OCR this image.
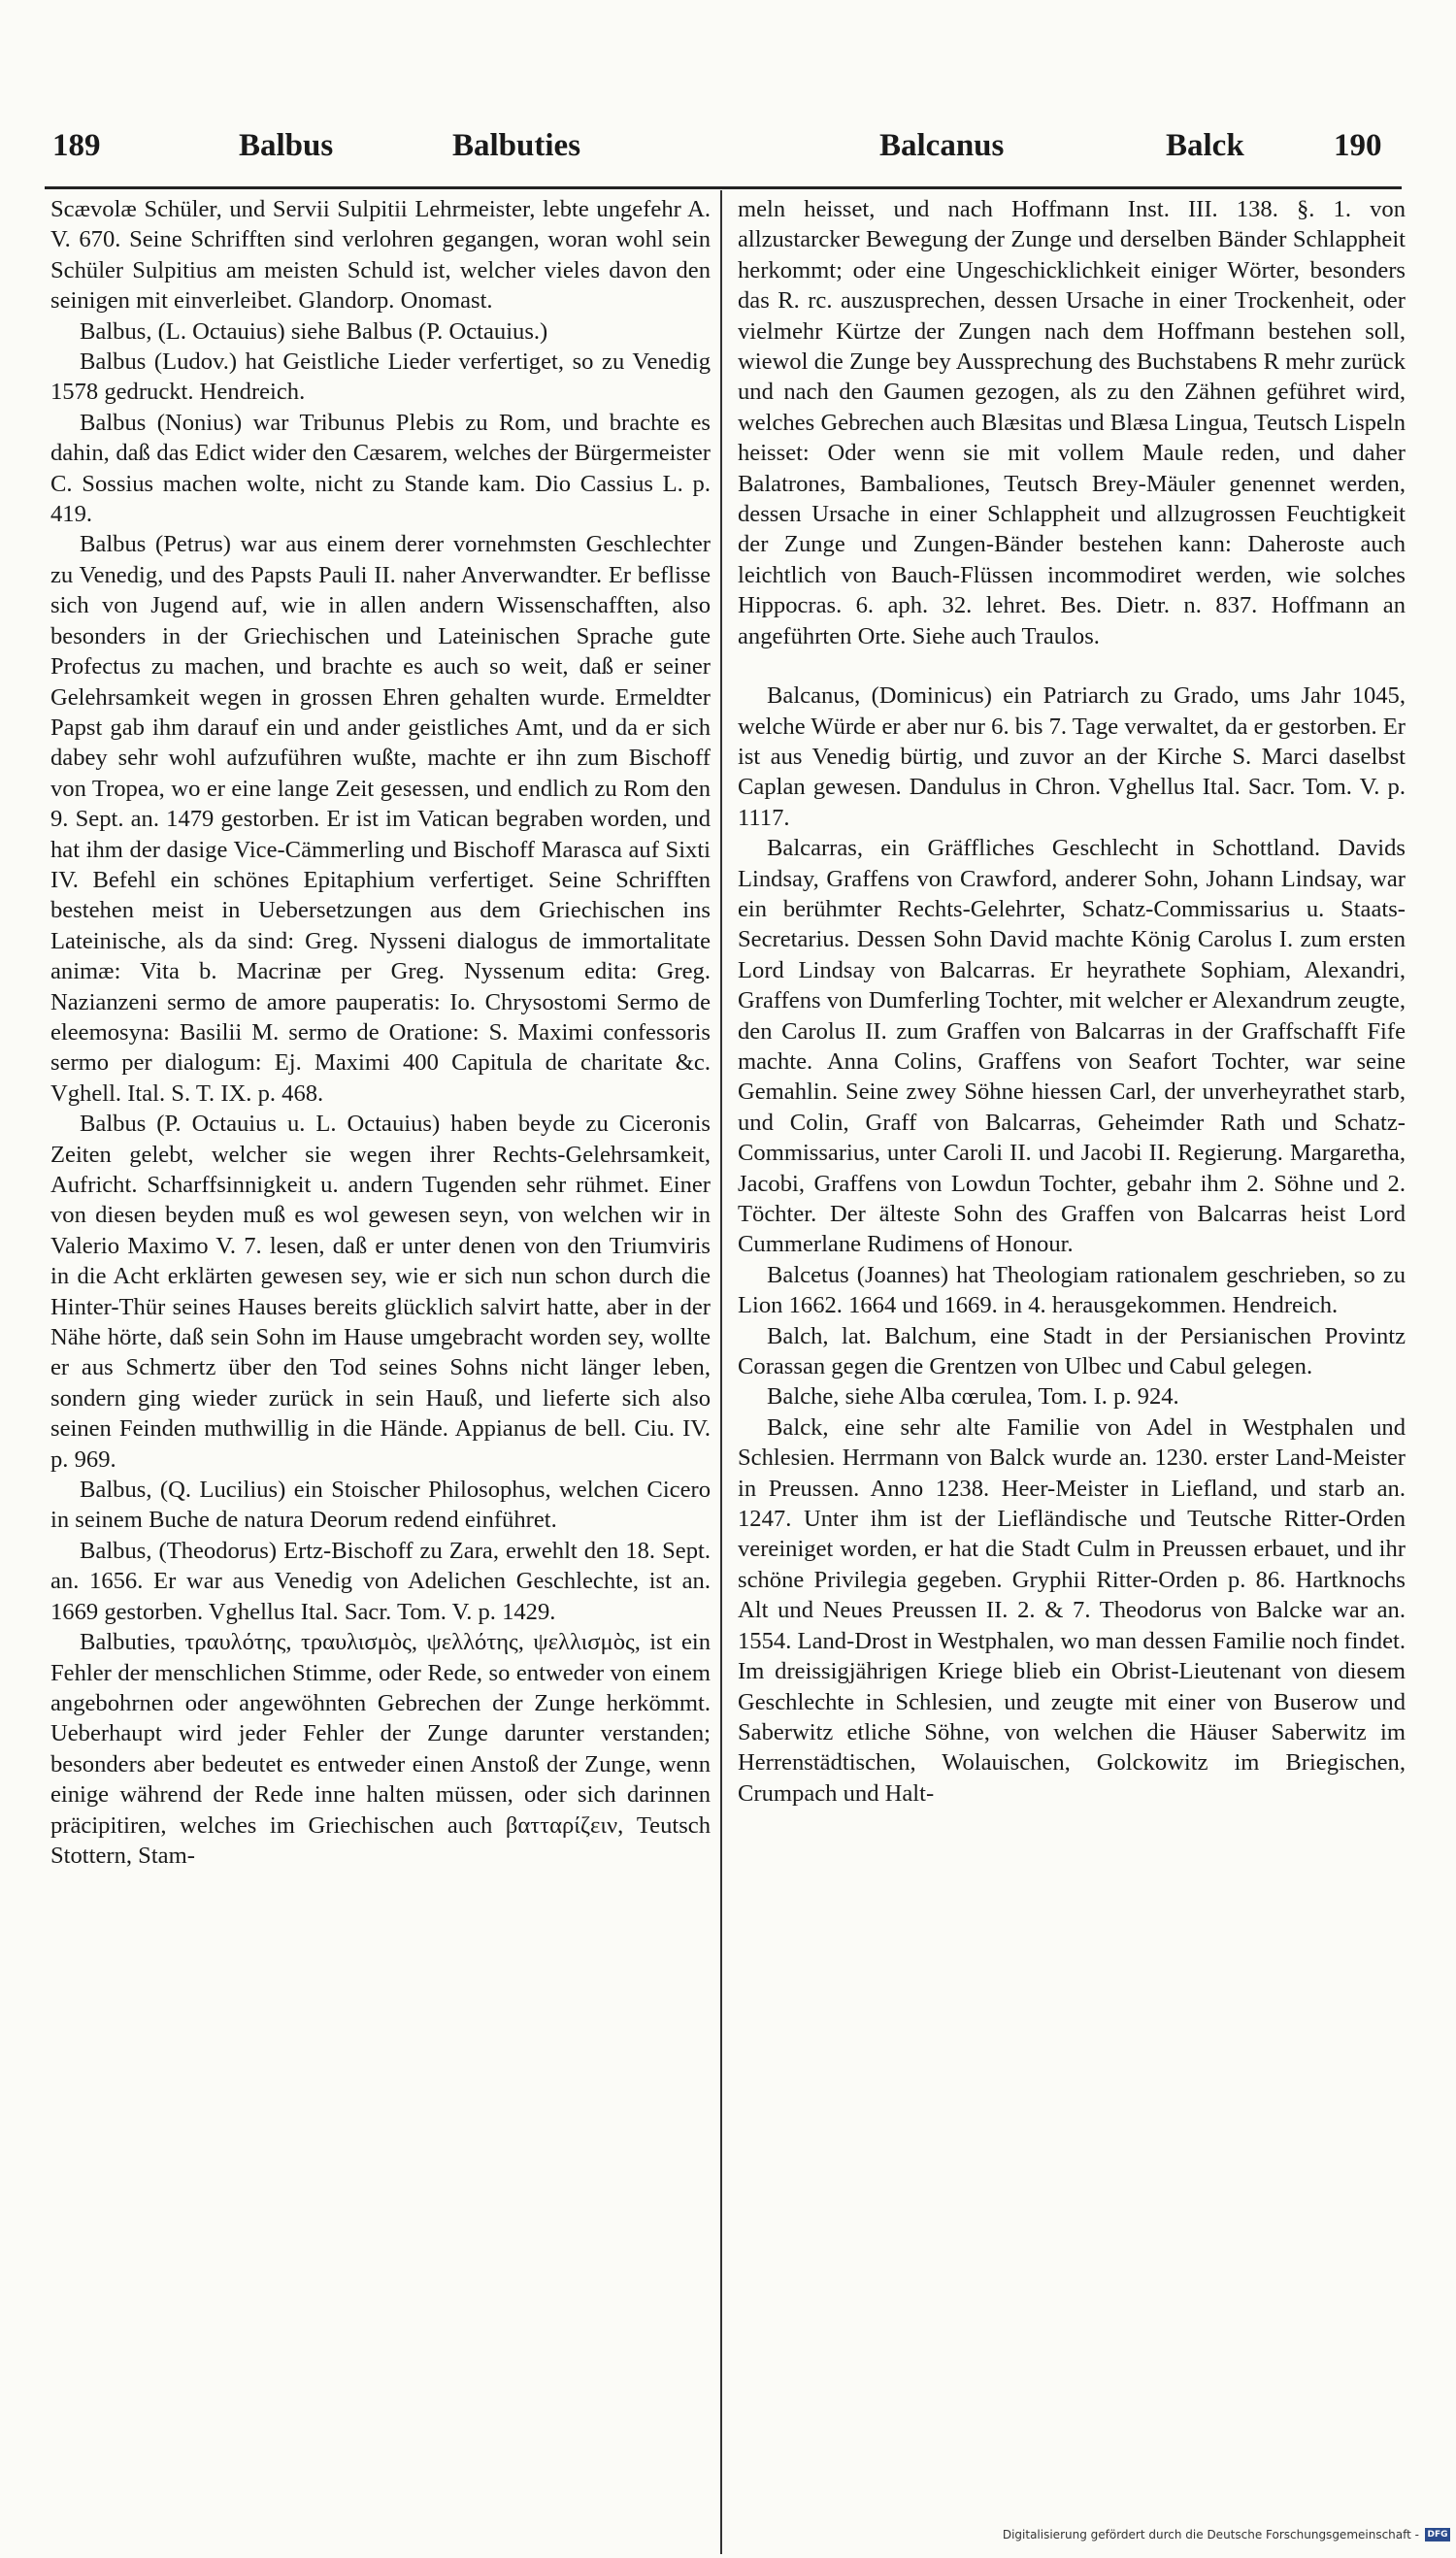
189	Balbus	Balbuties	Balcanus	Balck	190

Scævolæ Schüler, und Servii Sulpitii Lehrmeister, lebte ungefehr A. V. 670. Seine Schrifften sind verlohren gegangen, woran wohl sein Schüler Sulpitius am meisten Schuld ist, welcher vieles davon den seinigen mit einverleibet. Glandorp. Onomast.

Balbus, (L. Octauius) siehe Balbus (P. Octauius.)

Balbus (Ludov.) hat Geistliche Lieder verfertiget, so zu Venedig 1578 gedruckt. Hendreich.

Balbus (Nonius) war Tribunus Plebis zu Rom, und brachte es dahin, daß das Edict wider den Cæsarem, welches der Bürgermeister C. Sossius machen wolte, nicht zu Stande kam. Dio Cassius L. p. 419.

Balbus (Petrus) war aus einem derer vornehmsten Geschlechter zu Venedig, und des Papsts Pauli II. naher Anverwandter. Er beflisse sich von Jugend auf, wie in allen andern Wissenschafften, also besonders in der Griechischen und Lateinischen Sprache gute Profectus zu machen, und brachte es auch so weit, daß er seiner Gelehrsamkeit wegen in grossen Ehren gehalten wurde. Ermeldter Papst gab ihm darauf ein und ander geistliches Amt, und da er sich dabey sehr wohl aufzuführen wußte, machte er ihn zum Bischoff von Tropea, wo er eine lange Zeit gesessen, und endlich zu Rom den 9. Sept. an. 1479 gestorben. Er ist im Vatican begraben worden, und hat ihm der dasige Vice-Cämmerling und Bischoff Marasca auf Sixti IV. Befehl ein schönes Epitaphium verfertiget. Seine Schrifften bestehen meist in Uebersetzungen aus dem Griechischen ins Lateinische, als da sind: Greg. Nysseni dialogus de immortalitate animæ: Vita b. Macrinæ per Greg. Nyssenum edita: Greg. Nazianzeni sermo de amore pauperatis: Io. Chrysostomi Sermo de eleemosyna: Basilii M. sermo de Oratione: S. Maximi confessoris sermo per dialogum: Ej. Maximi 400 Capitula de charitate &c. Vghell. Ital. S. T. IX. p. 468.

Balbus (P. Octauius u. L. Octauius) haben beyde zu Ciceronis Zeiten gelebt, welcher sie wegen ihrer Rechts-Gelehrsamkeit, Aufricht. Scharffsinnigkeit u. andern Tugenden sehr rühmet. Einer von diesen beyden muß es wol gewesen seyn, von welchen wir in Valerio Maximo V. 7. lesen, daß er unter denen von den Triumviris in die Acht erklärten gewesen sey, wie er sich nun schon durch die Hinter-Thür seines Hauses bereits glücklich salvirt hatte, aber in der Nähe hörte, daß sein Sohn im Hause umgebracht worden sey, wollte er aus Schmertz über den Tod seines Sohns nicht länger leben, sondern ging wieder zurück in sein Hauß, und lieferte sich also seinen Feinden muthwillig in die Hände. Appianus de bell. Ciu. IV. p. 969.

Balbus, (Q. Lucilius) ein Stoischer Philosophus, welchen Cicero in seinem Buche de natura Deorum redend einführet.

Balbus, (Theodorus) Ertz-Bischoff zu Zara, erwehlt den 18. Sept. an. 1656. Er war aus Venedig von Adelichen Geschlechte, ist an. 1669 gestorben. Vghellus Ital. Sacr. Tom. V. p. 1429.

Balbuties, τραυλότης, τραυλισμὸς, ψελλότης, ψελλισμὸς, ist ein Fehler der menschlichen Stimme, oder Rede, so entweder von einem angebohrnen oder angewöhnten Gebrechen der Zunge herkömmt. Ueberhaupt wird jeder Fehler der Zunge darunter verstanden; besonders aber bedeutet es entweder einen Anstoß der Zunge, wenn einige während der Rede inne halten müssen, oder sich darinnen präcipitiren, welches im Griechischen auch βατταρίζειν, Teutsch Stottern, Stam-

meln heisset, und nach Hoffmann Inst. III. 138. §. 1. von allzustarcker Bewegung der Zunge und derselben Bänder Schlappheit herkommt; oder eine Ungeschicklichkeit einiger Wörter, besonders das R. rc. auszusprechen, dessen Ursache in einer Trockenheit, oder vielmehr Kürtze der Zungen nach dem Hoffmann bestehen soll, wiewol die Zunge bey Aussprechung des Buchstabens R mehr zurück und nach den Gaumen gezogen, als zu den Zähnen geführet wird, welches Gebrechen auch Blæsitas und Blæsa Lingua, Teutsch Lispeln heisset: Oder wenn sie mit vollem Maule reden, und daher Balatrones, Bambaliones, Teutsch Brey-Mäuler genennet werden, dessen Ursache in einer Schlappheit und allzugrossen Feuchtigkeit der Zunge und Zungen-Bänder bestehen kann: Daheroste auch leichtlich von Bauch-Flüssen incommodiret werden, wie solches Hippocras. 6. aph. 32. lehret. Bes. Dietr. n. 837. Hoffmann an angeführten Orte. Siehe auch Traulos.

Balcanus, (Dominicus) ein Patriarch zu Grado, ums Jahr 1045, welche Würde er aber nur 6. bis 7. Tage verwaltet, da er gestorben. Er ist aus Venedig bürtig, und zuvor an der Kirche S. Marci daselbst Caplan gewesen. Dandulus in Chron. Vghellus Ital. Sacr. Tom. V. p. 1117.

Balcarras, ein Gräffliches Geschlecht in Schottland. Davids Lindsay, Graffens von Crawford, anderer Sohn, Johann Lindsay, war ein berühmter Rechts-Gelehrter, Schatz-Commissarius u. Staats-Secretarius. Dessen Sohn David machte König Carolus I. zum ersten Lord Lindsay von Balcarras. Er heyrathete Sophiam, Alexandri, Graffens von Dumferling Tochter, mit welcher er Alexandrum zeugte, den Carolus II. zum Graffen von Balcarras in der Graffschafft Fife machte. Anna Colins, Graffens von Seafort Tochter, war seine Gemahlin. Seine zwey Söhne hiessen Carl, der unverheyrathet starb, und Colin, Graff von Balcarras, Geheimder Rath und Schatz-Commissarius, unter Caroli II. und Jacobi II. Regierung. Margaretha, Jacobi, Graffens von Lowdun Tochter, gebahr ihm 2. Söhne und 2. Töchter. Der älteste Sohn des Graffen von Balcarras heist Lord Cummerlane Rudimens of Honour.

Balcetus (Joannes) hat Theologiam rationalem geschrieben, so zu Lion 1662. 1664 und 1669. in 4. herausgekommen. Hendreich.

Balch, lat. Balchum, eine Stadt in der Persianischen Provintz Corassan gegen die Grentzen von Ulbec und Cabul gelegen.

Balche, siehe Alba cœrulea, Tom. I. p. 924.

Balck, eine sehr alte Familie von Adel in Westphalen und Schlesien. Herrmann von Balck wurde an. 1230. erster Land-Meister in Preussen. Anno 1238. Heer-Meister in Liefland, und starb an. 1247. Unter ihm ist der Liefländische und Teutsche Ritter-Orden vereiniget worden, er hat die Stadt Culm in Preussen erbauet, und ihr schöne Privilegia gegeben. Gryphii Ritter-Orden p. 86. Hartknochs Alt und Neues Preussen II. 2. & 7. Theodorus von Balcke war an. 1554. Land-Drost in Westphalen, wo man dessen Familie noch findet. Im dreissigjährigen Kriege blieb ein Obrist-Lieutenant von diesem Geschlechte in Schlesien, und zeugte mit einer von Buserow und Saberwitz etliche Söhne, von welchen die Häuser Saberwitz im Herrenstädtischen, Wolauischen, Golckowitz im Briegischen, Crumpach und Halt-

Digitalisierung gefördert durch die Deutsche Forschungsgemeinschaft - DFG
